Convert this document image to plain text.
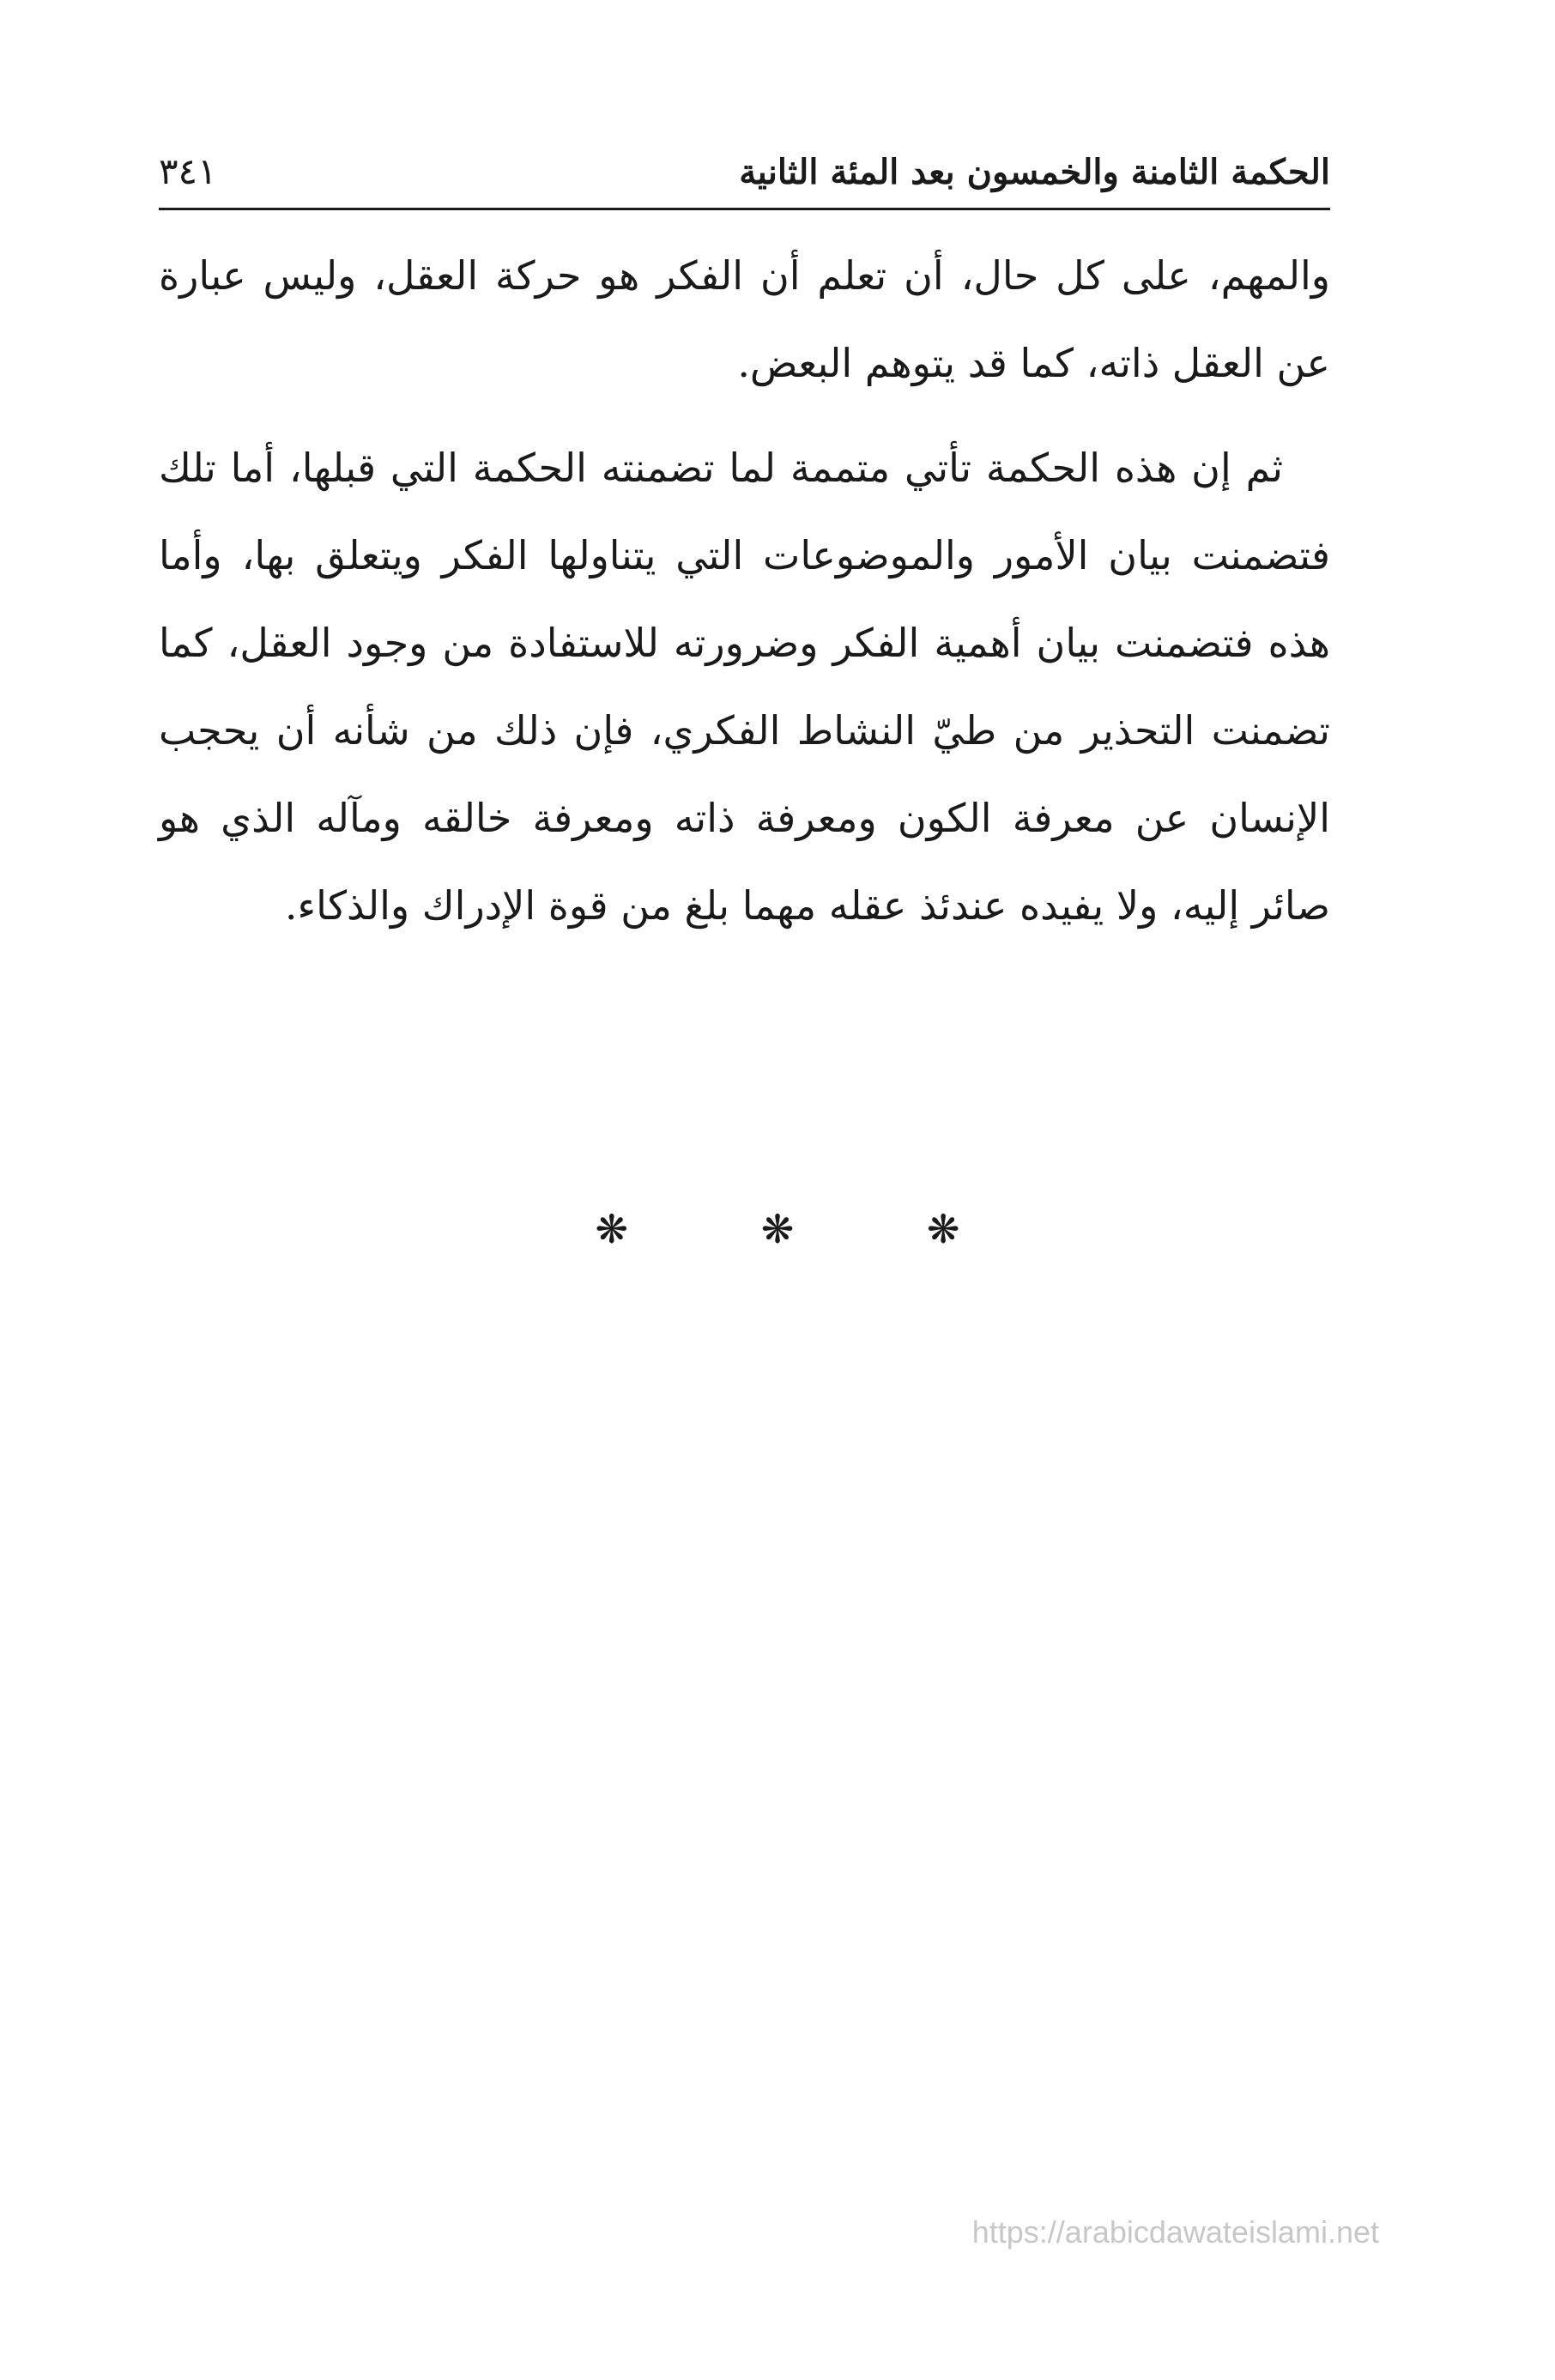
الحكمة الثامنة والخمسون بعد المئة الثانية
٣٤١

والمهم، على كل حال، أن تعلم أن الفكر هو حركة العقل، وليس عبارة عن العقل ذاته، كما قد يتوهم البعض.

ثم إن هذه الحكمة تأتي متممة لما تضمنته الحكمة التي قبلها، أما تلك فتضمنت بيان الأمور والموضوعات التي يتناولها الفكر ويتعلق بها، وأما هذه فتضمنت بيان أهمية الفكر وضرورته للاستفادة من وجود العقل، كما تضمنت التحذير من طيّ النشاط الفكري، فإن ذلك من شأنه أن يحجب الإنسان عن معرفة الكون ومعرفة ذاته ومعرفة خالقه ومآله الذي هو صائر إليه، ولا يفيده عندئذ عقله مهما بلغ من قوة الإدراك والذكاء.

❋	❋	❋
https://arabicdawateislami.net
